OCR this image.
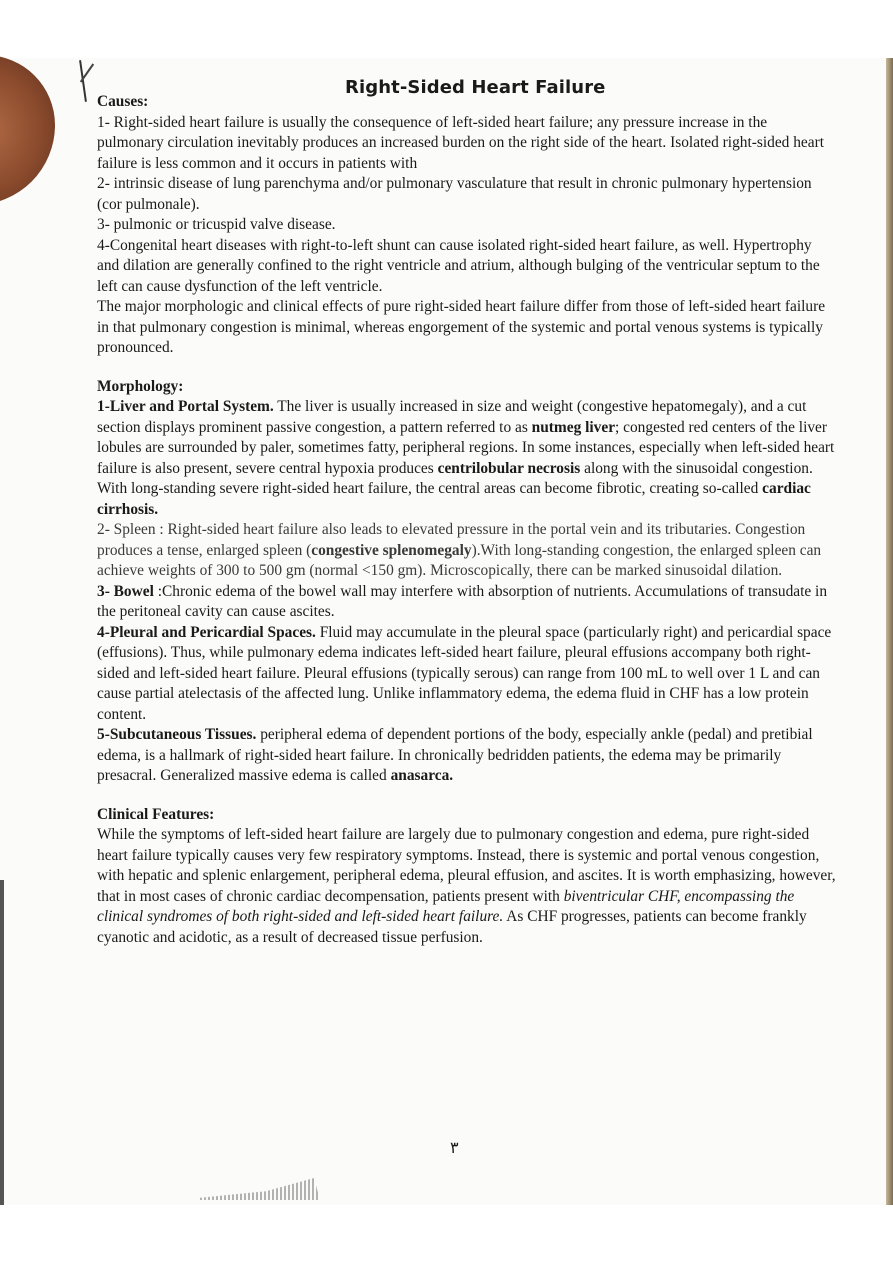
Right-Sided Heart Failure

Causes:

1- Right-sided heart failure is usually the consequence of left-sided heart failure; any pressure increase in the pulmonary circulation inevitably produces an increased burden on the right side of the heart. Isolated right-sided heart failure is less common and it occurs in patients with

2- intrinsic disease of lung parenchyma and/or pulmonary vasculature that result in chronic pulmonary hypertension (cor pulmonale).

3- pulmonic or tricuspid valve disease.

4-Congenital heart diseases with right-to-left shunt can cause isolated right-sided heart failure, as well. Hypertrophy and dilation are generally confined to the right ventricle and atrium, although bulging of the ventricular septum to the left can cause dysfunction of the left ventricle.

The major morphologic and clinical effects of pure right-sided heart failure differ from those of left-sided heart failure in that pulmonary congestion is minimal, whereas engorgement of the systemic and portal venous systems is typically pronounced.

Morphology:

1-Liver and Portal System. The liver is usually increased in size and weight (congestive hepatomegaly), and a cut section displays prominent passive congestion, a pattern referred to as nutmeg liver; congested red centers of the liver lobules are surrounded by paler, sometimes fatty, peripheral regions. In some instances, especially when left-sided heart failure is also present, severe central hypoxia produces centrilobular necrosis along with the sinusoidal congestion. With long-standing severe right-sided heart failure, the central areas can become fibrotic, creating so-called cardiac cirrhosis.

2- Spleen : Right-sided heart failure also leads to elevated pressure in the portal vein and its tributaries. Congestion produces a tense, enlarged spleen (congestive splenomegaly).With long-standing congestion, the enlarged spleen can achieve weights of 300 to 500 gm (normal <150 gm). Microscopically, there can be marked sinusoidal dilation.

3- Bowel :Chronic edema of the bowel wall may interfere with absorption of nutrients. Accumulations of transudate in the peritoneal cavity can cause ascites.

4-Pleural and Pericardial Spaces. Fluid may accumulate in the pleural space (particularly right) and pericardial space (effusions). Thus, while pulmonary edema indicates left-sided heart failure, pleural effusions accompany both right-sided and left-sided heart failure. Pleural effusions (typically serous) can range from 100 mL to well over 1 L and can cause partial atelectasis of the affected lung. Unlike inflammatory edema, the edema fluid in CHF has a low protein content.

5-Subcutaneous Tissues. peripheral edema of dependent portions of the body, especially ankle (pedal) and pretibial edema, is a hallmark of right-sided heart failure. In chronically bedridden patients, the edema may be primarily presacral. Generalized massive edema is called anasarca.

Clinical Features:

While the symptoms of left-sided heart failure are largely due to pulmonary congestion and edema, pure right-sided heart failure typically causes very few respiratory symptoms. Instead, there is systemic and portal venous congestion, with hepatic and splenic enlargement, peripheral edema, pleural effusion, and ascites. It is worth emphasizing, however, that in most cases of chronic cardiac decompensation, patients present with biventricular CHF, encompassing the clinical syndromes of both right-sided and left-sided heart failure. As CHF progresses, patients can become frankly cyanotic and acidotic, as a result of decreased tissue perfusion.

٣
